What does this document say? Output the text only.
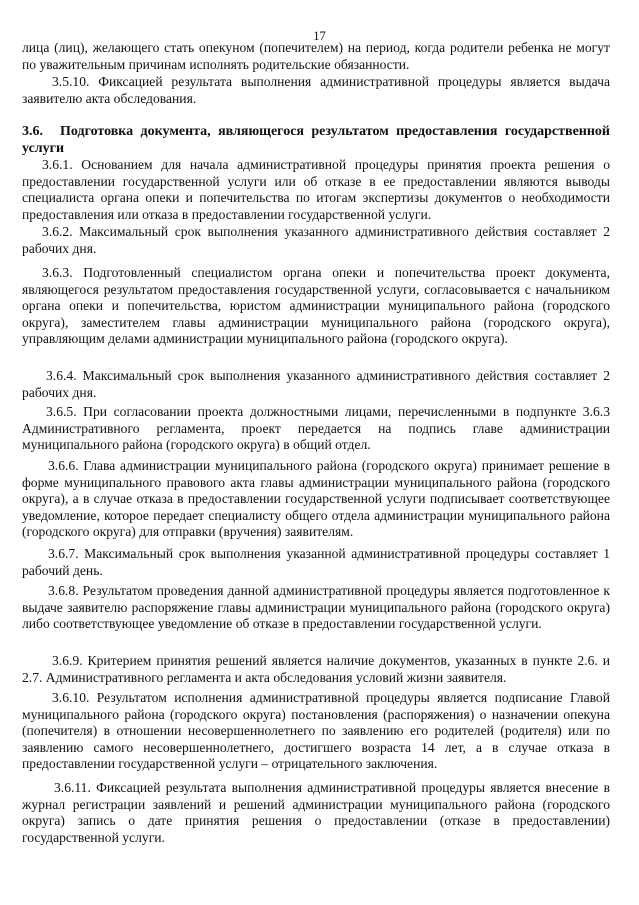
17

лица (лиц), желающего стать опекуном (попечителем) на период, когда родители ребенка не могут по уважительным причинам исполнять родительские обязанности.

3.5.10. Фиксацией результата выполнения административной процедуры является выдача заявителю акта обследования.

3.6. Подготовка документа, являющегося результатом предоставления государственной услуги

3.6.1. Основанием для начала административной процедуры принятия проекта решения о предоставлении государственной услуги или об отказе в ее предоставлении являются выводы специалиста органа опеки и попечительства по итогам экспертизы документов о необходимости предоставления или отказа в предоставлении государственной услуги.

3.6.2. Максимальный срок выполнения указанного административного действия составляет 2 рабочих дня.

3.6.3. Подготовленный специалистом органа опеки и попечительства проект документа, являющегося результатом предоставления государственной услуги, согласовывается с начальником органа опеки и попечительства, юристом администрации муниципального района (городского округа), заместителем главы администрации муниципального района (городского округа), управляющим делами администрации муниципального района (городского округа).

3.6.4. Максимальный срок выполнения указанного административного действия составляет 2 рабочих дня.

3.6.5. При согласовании проекта должностными лицами, перечисленными в подпункте 3.6.3 Административного регламента, проект передается на подпись главе администрации муниципального района (городского округа) в общий отдел.

3.6.6. Глава администрации муниципального района (городского округа) принимает решение в форме муниципального правового акта главы администрации муниципального района (городского округа), а в случае отказа в предоставлении государственной услуги подписывает соответствующее уведомление, которое передает специалисту общего отдела администрации муниципального района (городского округа) для отправки (вручения) заявителям.

3.6.7. Максимальный срок выполнения указанной административной процедуры составляет 1 рабочий день.

3.6.8. Результатом проведения данной административной процедуры является подготовленное к выдаче заявителю распоряжение главы администрации муниципального района (городского округа) либо соответствующее уведомление об отказе в предоставлении государственной услуги.

3.6.9. Критерием принятия решений является наличие документов, указанных в пункте 2.6. и 2.7. Административного регламента и акта обследования условий жизни заявителя.

3.6.10. Результатом исполнения административной процедуры является подписание Главой муниципального района (городского округа) постановления (распоряжения) о назначении опекуна (попечителя) в отношении несовершеннолетнего по заявлению его родителей (родителя) или по заявлению самого несовершеннолетнего, достигшего возраста 14 лет, а в случае отказа в предоставлении государственной услуги – отрицательного заключения.

3.6.11. Фиксацией результата выполнения административной процедуры является внесение в журнал регистрации заявлений и решений администрации муниципального района (городского округа) запись о дате принятия решения о предоставлении (отказе в предоставлении) государственной услуги.
